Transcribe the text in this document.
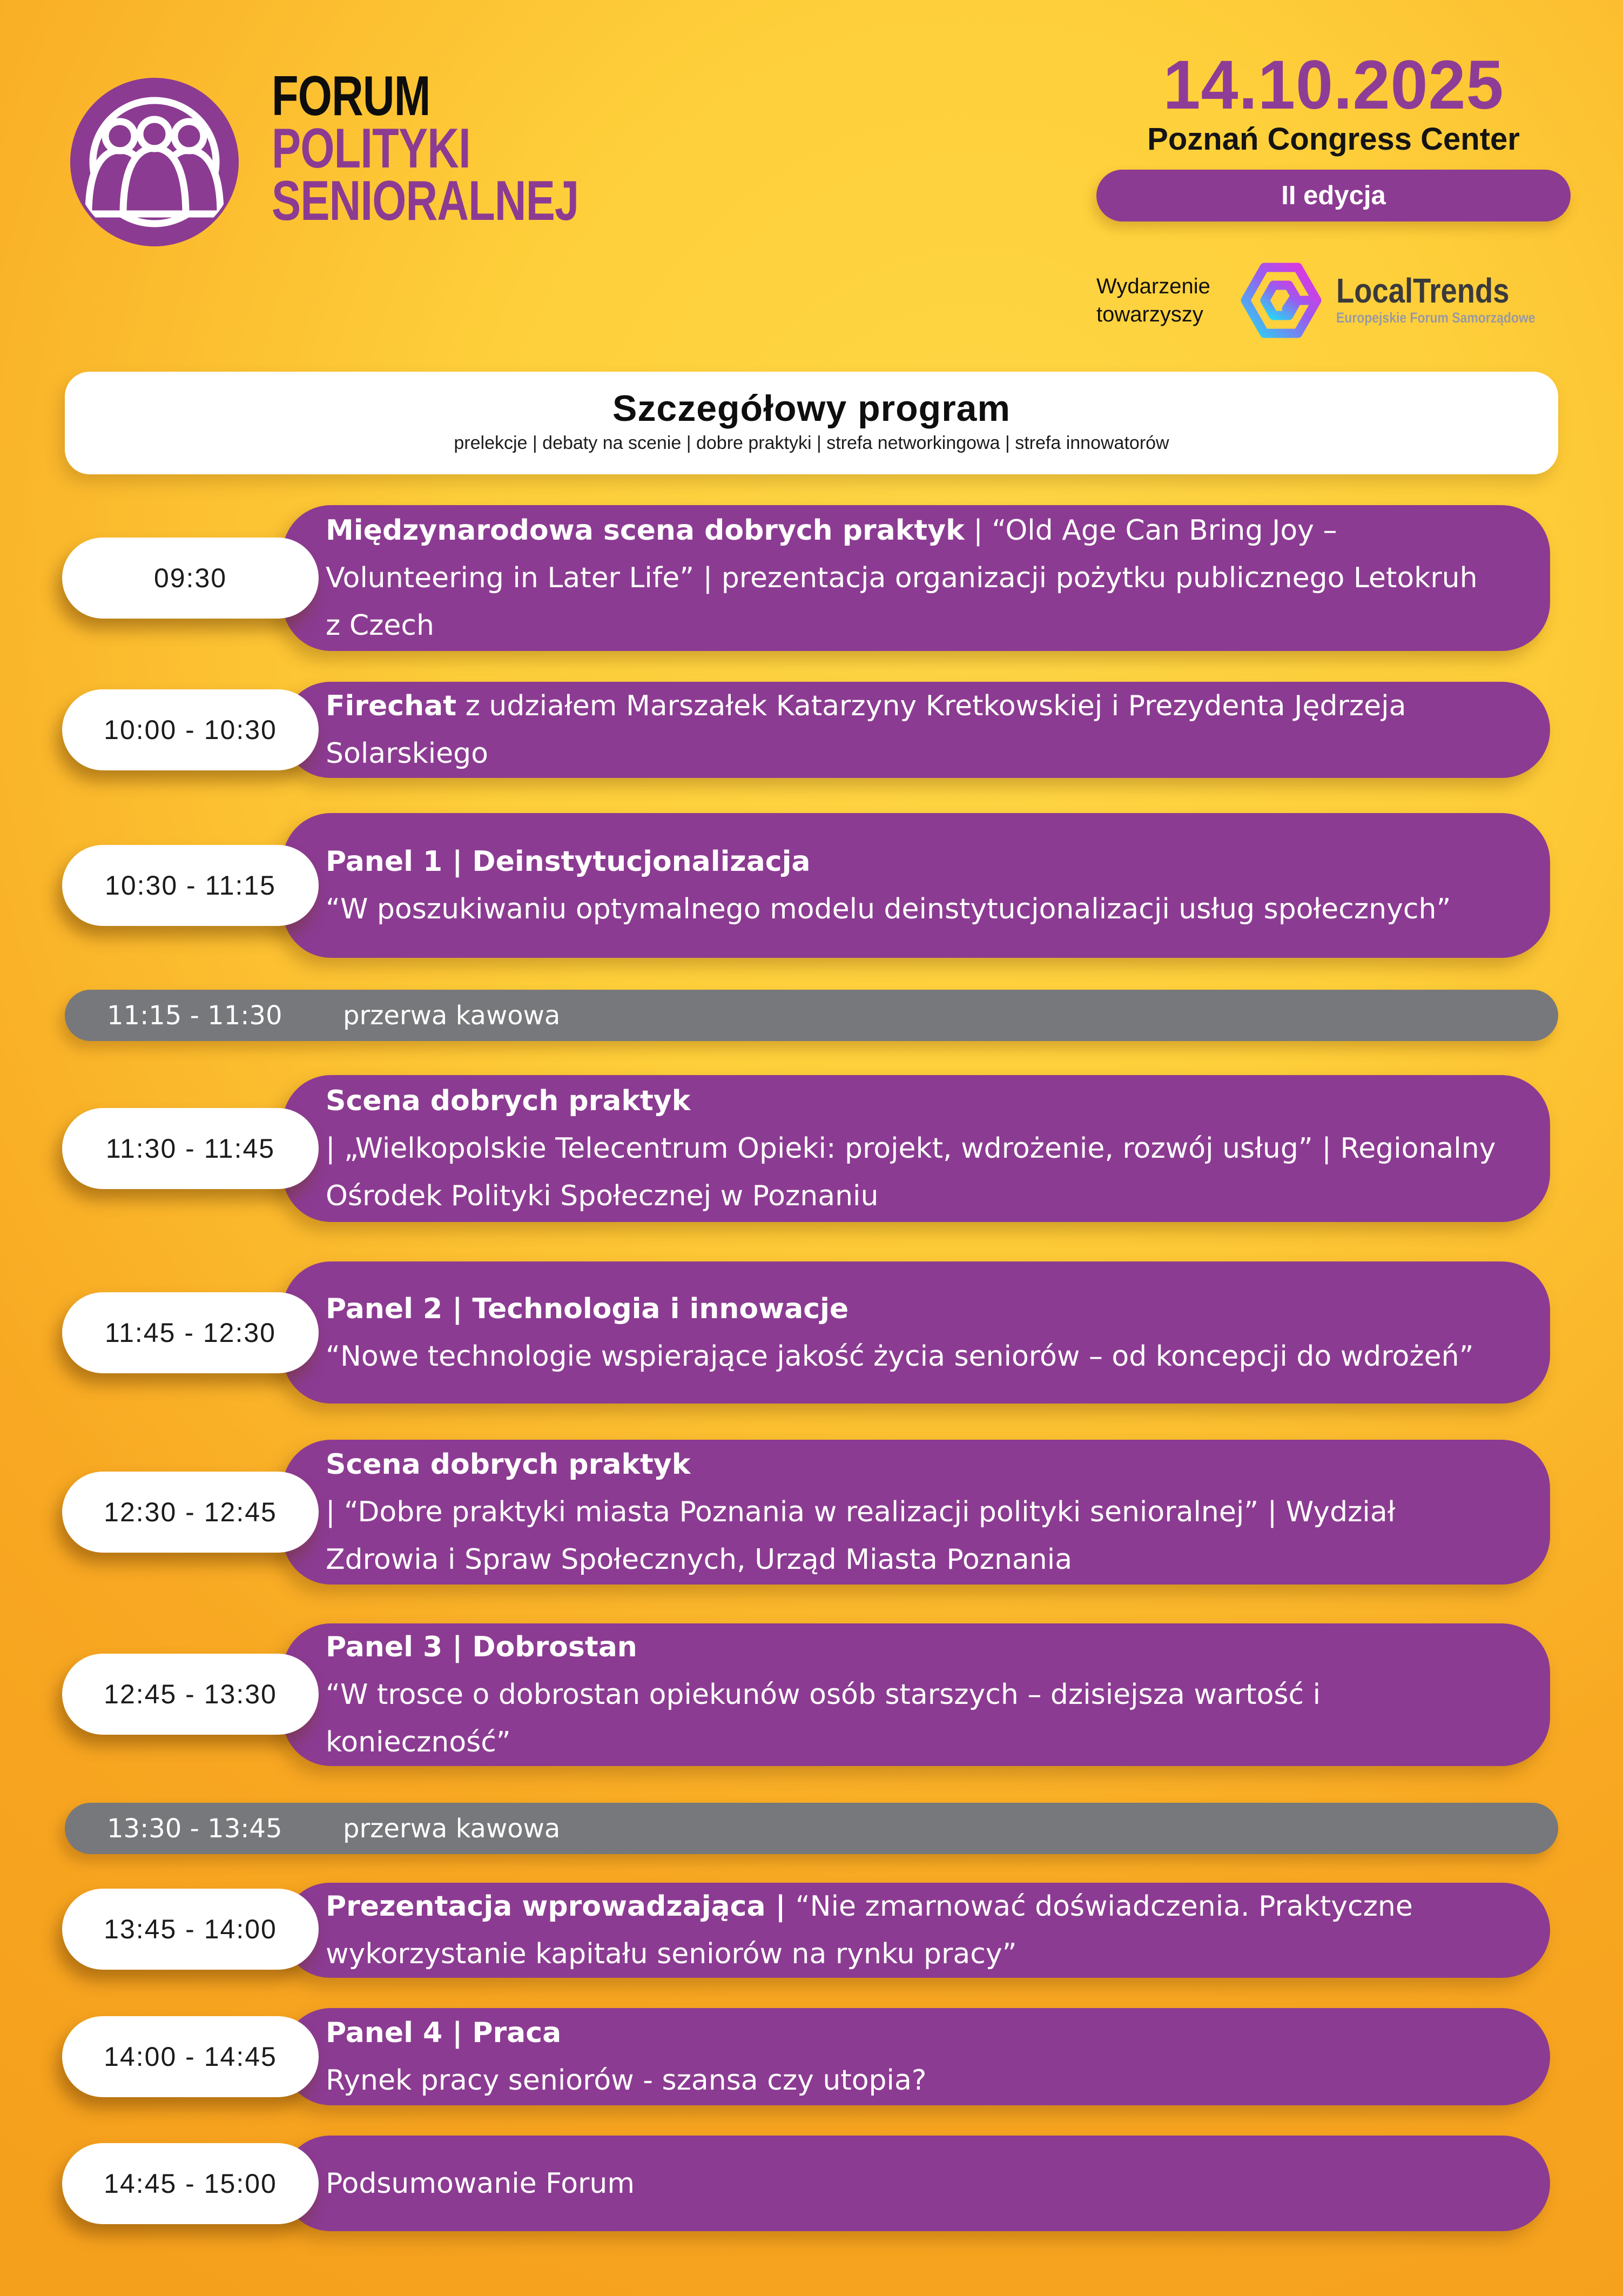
FORUM
POLITYKI
SENIORALNEJ
14.10.2025
Poznań Congress Center
II edycja
Wydarzenie towarzyszy
LocalTrends
Europejskie Forum Samorządowe
Szczegółowy program
prelekcje | debaty na scenie | dobre praktyki | strefa networkingowa | strefa innowatorów
Międzynarodowa scena dobrych praktyk | “Old Age Can Bring Joy – Volunteering in Later Life” | prezentacja organizacji pożytku publicznego Letokruh z Czech
09:30
Firechat z udziałem Marszałek Katarzyny Kretkowskiej i Prezydenta Jędrzeja Solarskiego
10:00 - 10:30
Panel 1 | Deinstytucjonalizacja
“W poszukiwaniu optymalnego modelu deinstytucjonalizacji usług społecznych”
10:30 - 11:15
11:15 - 11:30	przerwa kawowa
Scena dobrych praktyk
| „Wielkopolskie Telecentrum Opieki: projekt, wdrożenie, rozwój usług” | Regionalny Ośrodek Polityki Społecznej w Poznaniu
11:30 - 11:45
Panel 2 | Technologia i innowacje
“Nowe technologie wspierające jakość życia seniorów – od koncepcji do wdrożeń”
11:45 - 12:30
Scena dobrych praktyk
| “Dobre praktyki miasta Poznania w realizacji polityki senioralnej” | Wydział Zdrowia i Spraw Społecznych, Urząd Miasta Poznania
12:30 - 12:45
Panel 3 | Dobrostan
“W trosce o dobrostan opiekunów osób starszych – dzisiejsza wartość i konieczność”
12:45 - 13:30
13:30 - 13:45	przerwa kawowa
Prezentacja wprowadzająca | “Nie zmarnować doświadczenia. Praktyczne wykorzystanie kapitału seniorów na rynku pracy”
13:45 - 14:00
Panel 4 | Praca
Rynek pracy seniorów - szansa czy utopia?
14:00 - 14:45
Podsumowanie Forum
14:45 - 15:00
